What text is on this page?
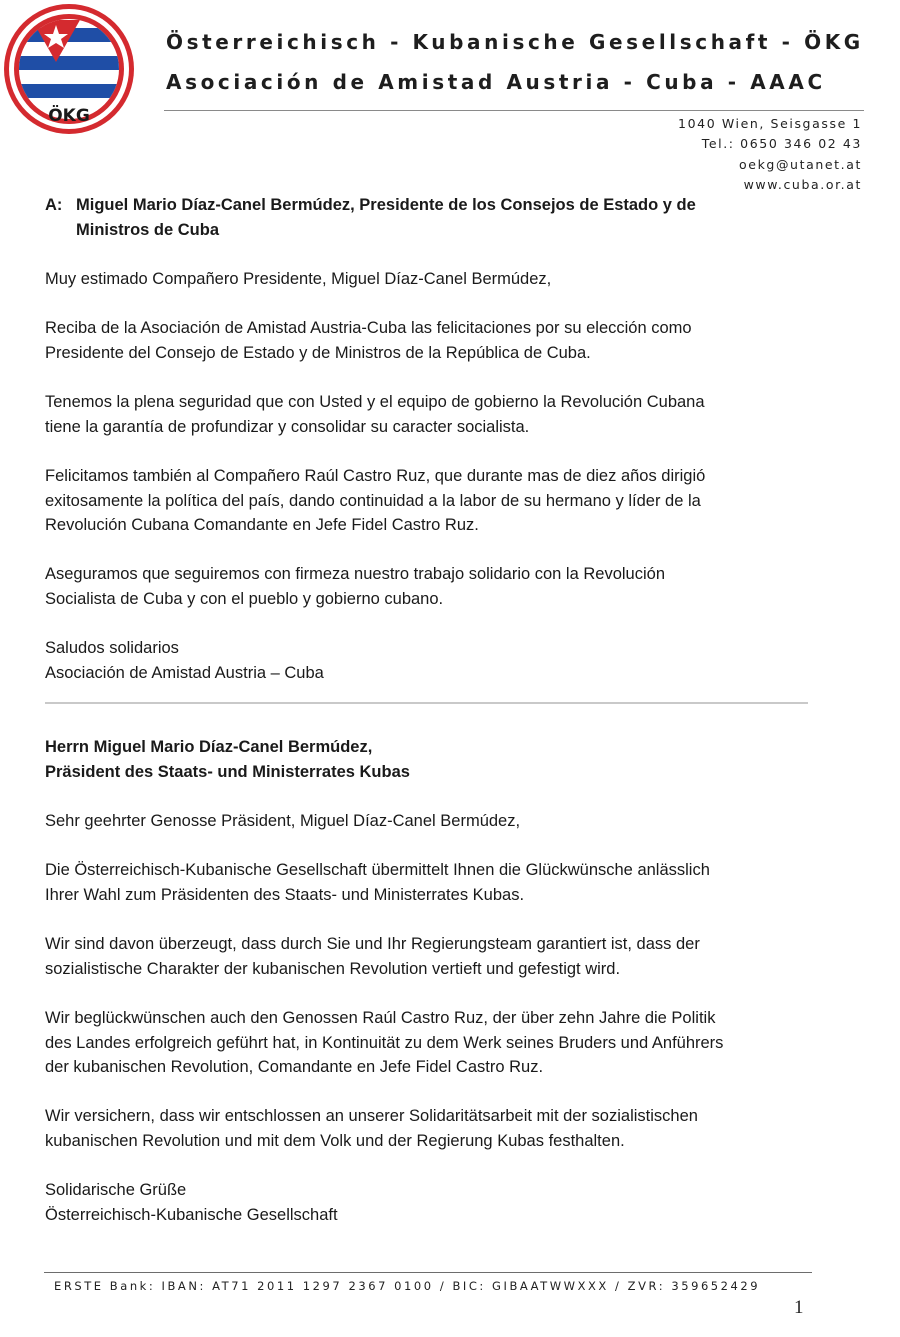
ÖKG
Österreichisch - Kubanische Gesellschaft - ÖKG
Asociación de Amistad Austria - Cuba - AAAC
1040 Wien, Seisgasse 1
Tel.: 0650 346 02 43
oekg@utanet.at
www.cuba.or.at
A: Miguel Mario Díaz-Canel Bermúdez, Presidente de los Consejos de Estado y de
Ministros de Cuba
Muy estimado Compañero Presidente, Miguel Díaz-Canel Bermúdez,
Reciba de la Asociación de Amistad Austria-Cuba las felicitaciones por su elección como
Presidente del Consejo de Estado y de Ministros de la República de Cuba.
Tenemos la plena seguridad que con Usted y el equipo de gobierno la Revolución Cubana
tiene la garantía de profundizar y consolidar su caracter socialista.
Felicitamos también al Compañero Raúl Castro Ruz, que durante mas de diez años dirigió
exitosamente la política del país, dando continuidad a la labor de su hermano y líder de la
Revolución Cubana Comandante en Jefe Fidel Castro Ruz.
Aseguramos que seguiremos con firmeza nuestro trabajo solidario con la Revolución
Socialista de Cuba y con el pueblo y gobierno cubano.
Saludos solidarios
Asociación de Amistad Austria – Cuba
Herrn Miguel Mario Díaz-Canel Bermúdez,
Präsident des Staats- und Ministerrates Kubas
Sehr geehrter Genosse Präsident, Miguel Díaz-Canel Bermúdez,
Die Österreichisch-Kubanische Gesellschaft übermittelt Ihnen die Glückwünsche anlässlich
Ihrer Wahl zum Präsidenten des Staats- und Ministerrates Kubas.
Wir sind davon überzeugt, dass durch Sie und Ihr Regierungsteam garantiert ist, dass der
sozialistische Charakter der kubanischen Revolution vertieft und gefestigt wird.
Wir beglückwünschen auch den Genossen Raúl Castro Ruz, der über zehn Jahre die Politik
des Landes erfolgreich geführt hat, in Kontinuität zu dem Werk seines Bruders und Anführers
der kubanischen Revolution, Comandante en Jefe Fidel Castro Ruz.
Wir versichern, dass wir entschlossen an unserer Solidaritätsarbeit mit der sozialistischen
kubanischen Revolution und mit dem Volk und der Regierung Kubas festhalten.
Solidarische Grüße
Österreichisch-Kubanische Gesellschaft
ERSTE Bank: IBAN: AT71 2011 1297 2367 0100 / BIC: GIBAATWWXXX / ZVR: 359652429
1
